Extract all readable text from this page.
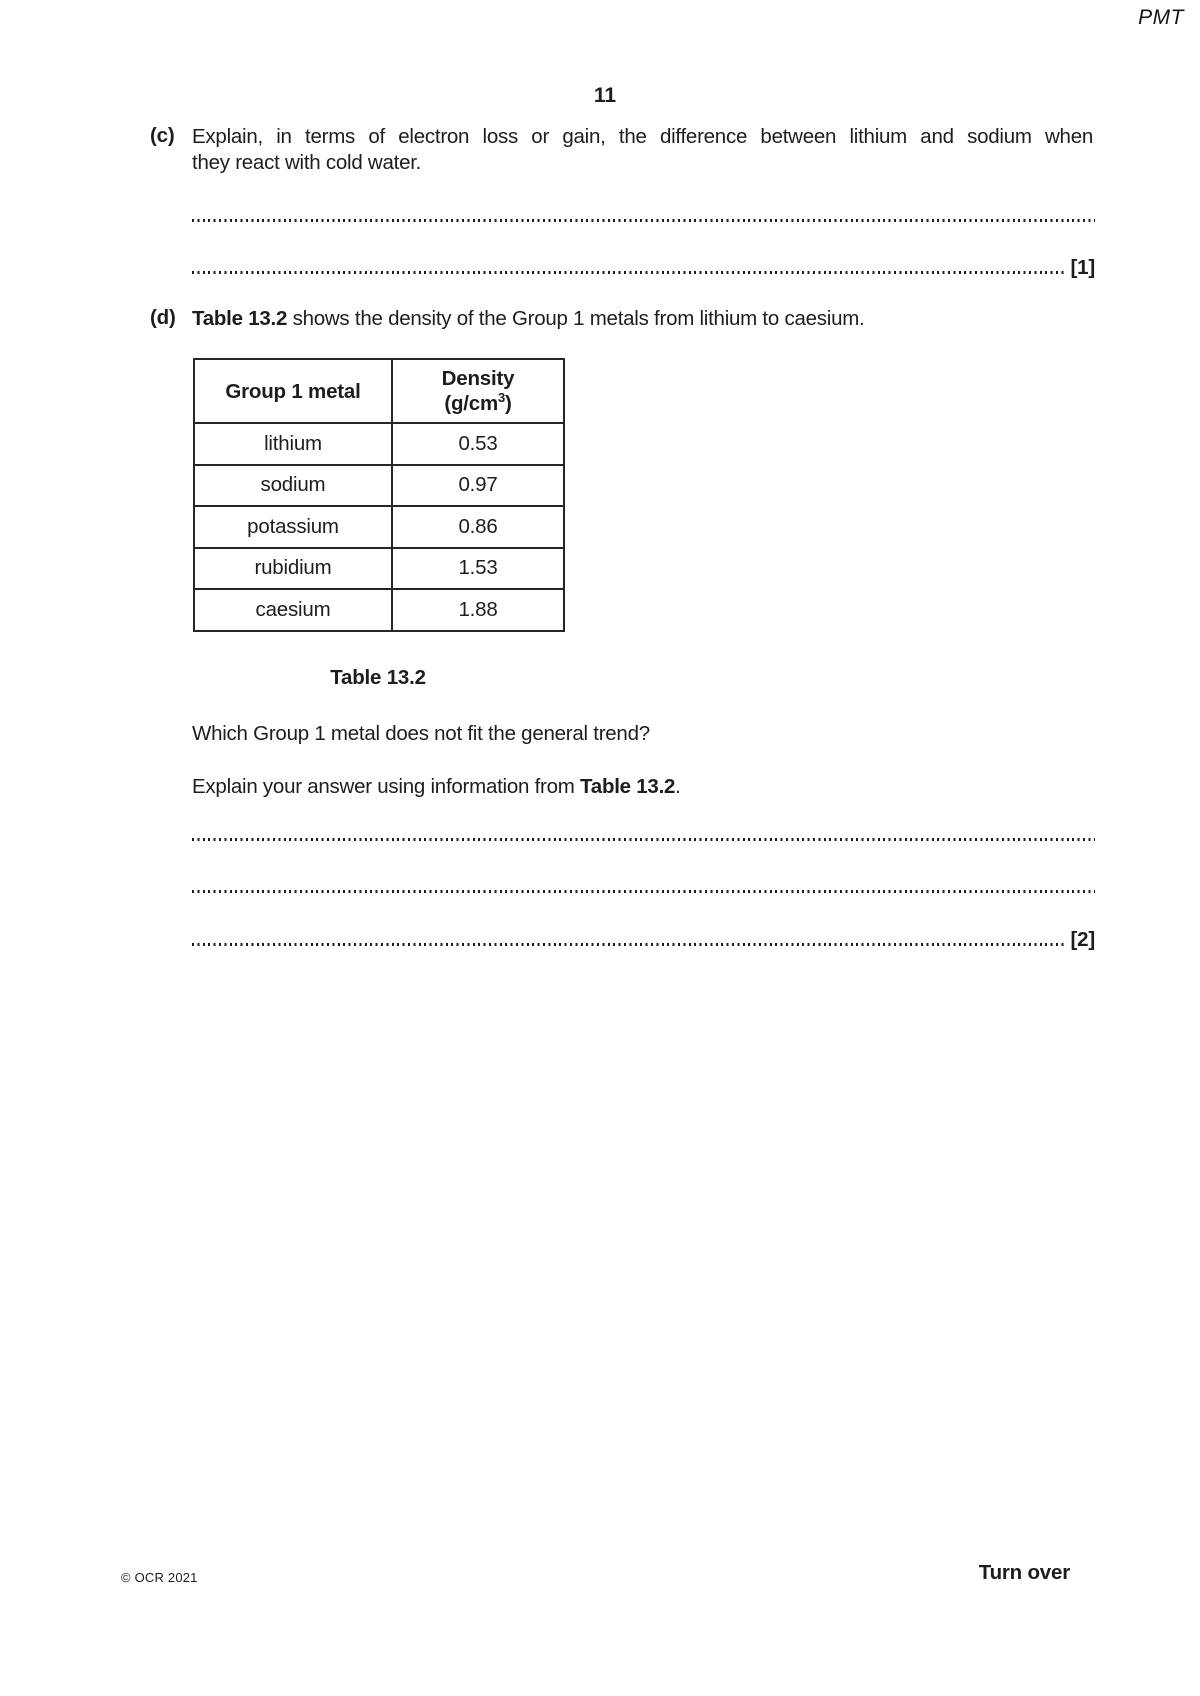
PMT
11
(c) Explain, in terms of electron loss or gain, the difference between lithium and sodium when
they react with cold water.
[1]
(d) Table 13.2 shows the density of the Group 1 metals from lithium to caesium.
Group 1 metal	Density
$(g/cm^3)$
lithium	0.53
sodium	0.97
potassium	0.86
rubidium	1.53
caesium	1.88
Table 13.2
Which Group 1 metal does not fit the general trend?
Explain your answer using information from Table 13.2.
[2]
© OCR 2021	Turn over
